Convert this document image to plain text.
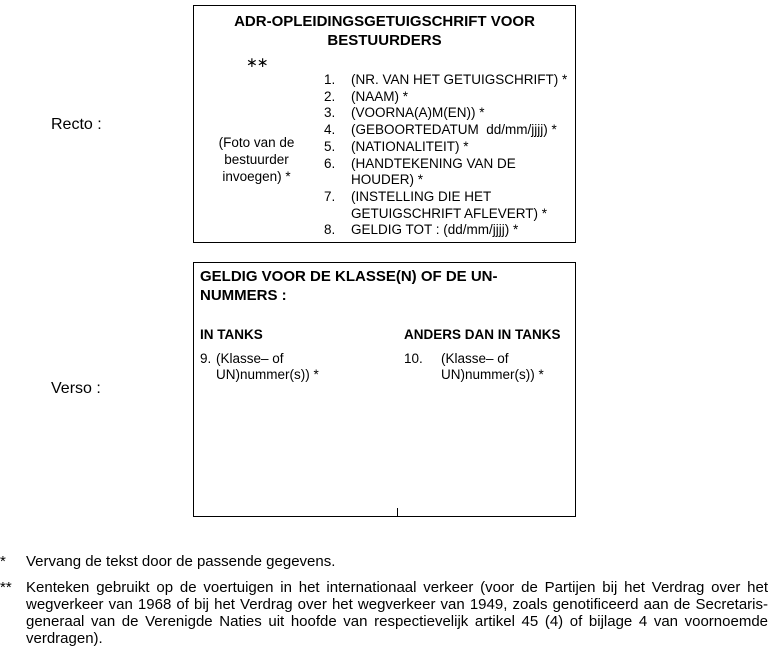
Recto :
ADR-OPLEIDINGSGETUIGSCHRIFT VOOR BESTUURDERS
∗∗
(Foto van de bestuurder invoegen) *
1.	(NR. VAN HET GETUIGSCHRIFT) *
2.	(NAAM) *
3.	(VOORNA(A)M(EN)) *
4.	(GEBOORTEDATUM  dd/mm/jjjj) *
5.	(NATIONALITEIT) *
6.	(HANDTEKENING VAN DE HOUDER) *
7.	(INSTELLING DIE HET GETUIGSCHRIFT AFLEVERT) *
8.	GELDIG TOT : (dd/mm/jjjj) *
Verso :
GELDIG VOOR DE KLASSE(N) OF DE UN-NUMMERS :
IN TANKS	ANDERS DAN IN TANKS
9. (Klasse– of UN)nummer(s)) *
10.	(Klasse– of UN)nummer(s)) *
*	Vervang de tekst door de passende gegevens.
** Kenteken gebruikt op de voertuigen in het internationaal verkeer (voor de Partijen bij het Verdrag over het wegverkeer van 1968 of bij het Verdrag over het wegverkeer van 1949, zoals genotificeerd aan de Secretaris-generaal van de Verenigde Naties uit hoofde van respectievelijk artikel 45 (4) of bijlage 4 van voornoemde verdragen).
